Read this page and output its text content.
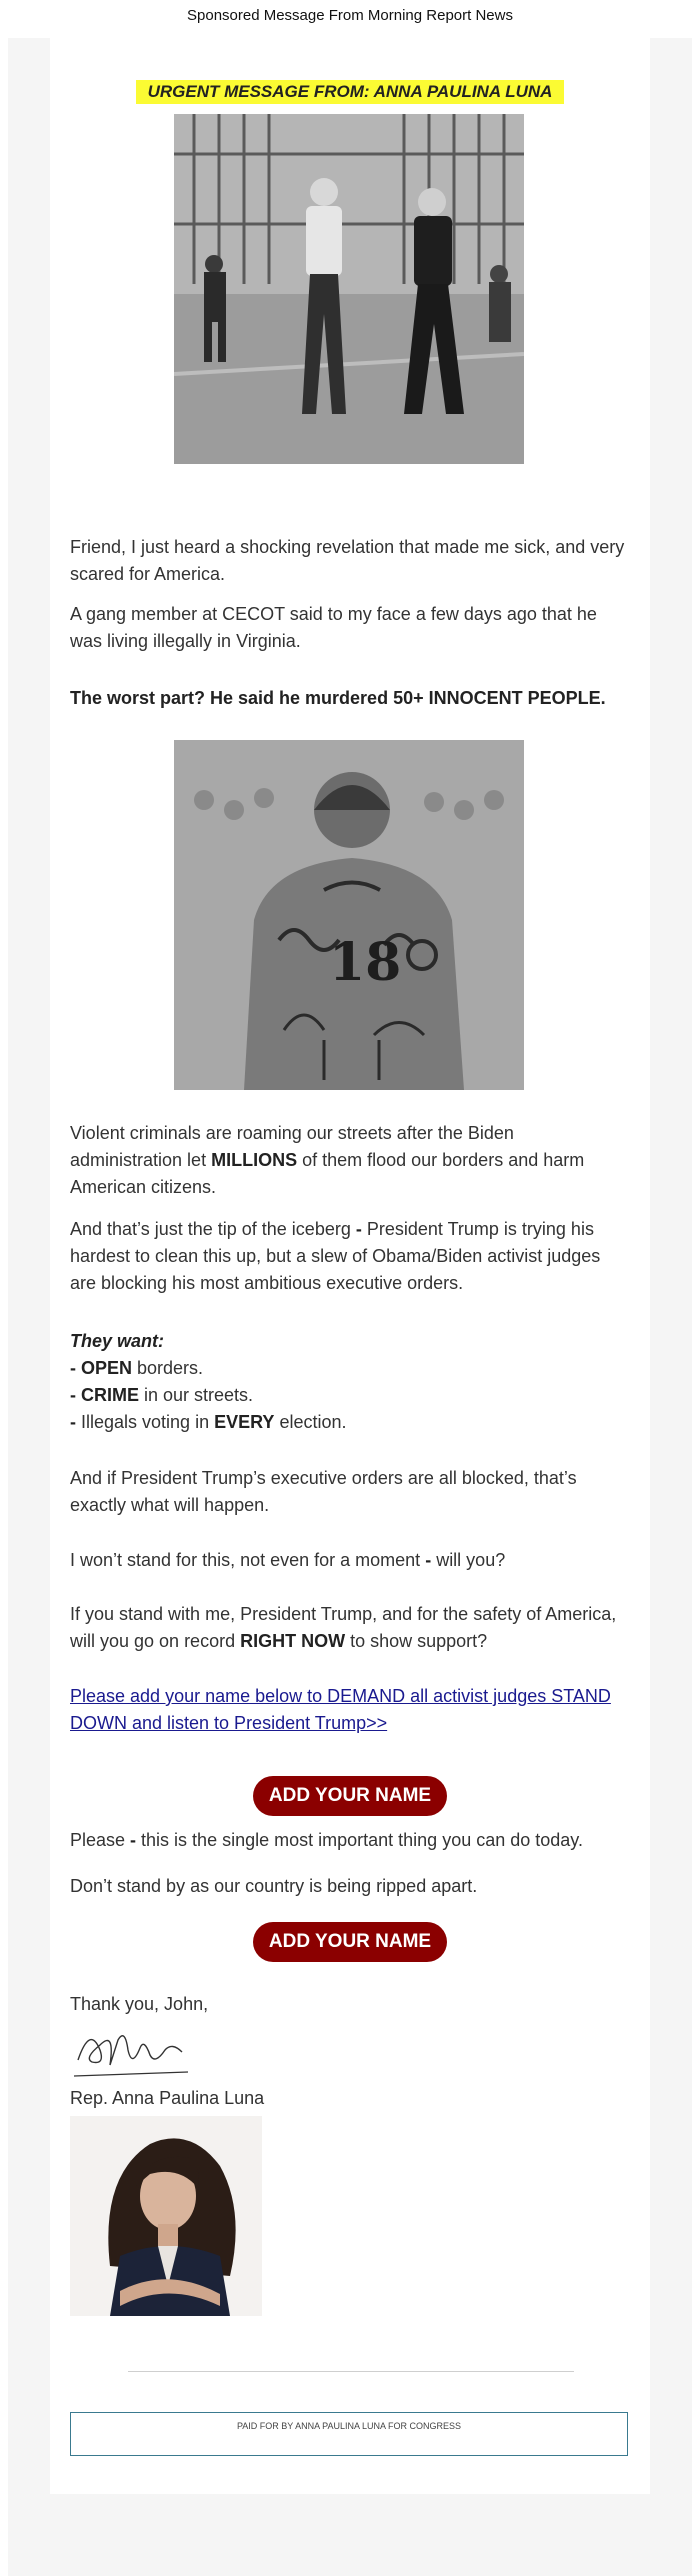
Sponsored Message From Morning Report News
URGENT MESSAGE FROM: ANNA PAULINA LUNA

Friend, I just heard a shocking revelation that made me sick, and very scared for America.

A gang member at CECOT said to my face a few days ago that he was living illegally in Virginia.

The worst part? He said he murdered 50+ INNOCENT PEOPLE.

18

Violent criminals are roaming our streets after the Biden administration let MILLIONS of them flood our borders and harm American citizens.

And that’s just the tip of the iceberg - President Trump is trying his hardest to clean this up, but a slew of Obama/Biden activist judges are blocking his most ambitious executive orders.

They want:
- OPEN borders.
- CRIME in our streets.
- Illegals voting in EVERY election.

And if President Trump’s executive orders are all blocked, that’s exactly what will happen.

I won’t stand for this, not even for a moment - will you?

If you stand with me, President Trump, and for the safety of America, will you go on record RIGHT NOW to show support?

Please add your name below to DEMAND all activist judges STAND DOWN and listen to President Trump>>

ADD YOUR NAME

Please - this is the single most important thing you can do today.

Don’t stand by as our country is being ripped apart.

ADD YOUR NAME

Thank you, John,

Rep. Anna Paulina Luna

PAID FOR BY ANNA PAULINA LUNA FOR CONGRESS
